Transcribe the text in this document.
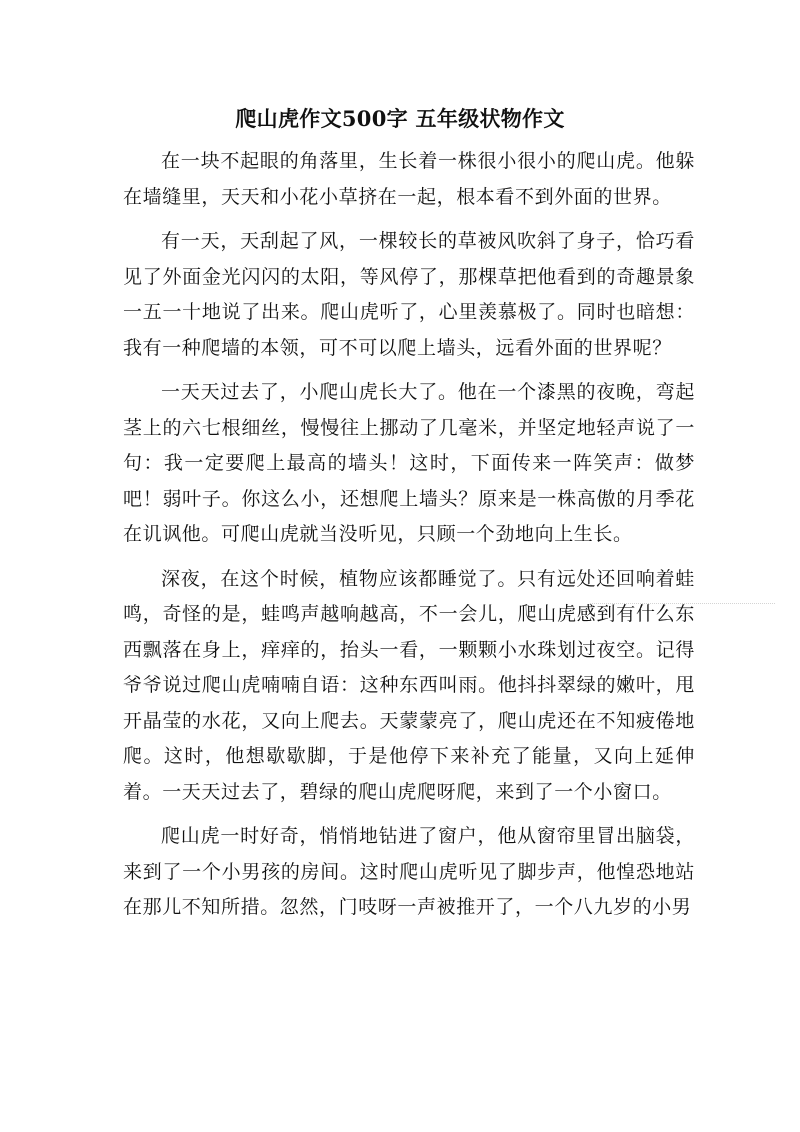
爬山虎作文500字 五年级状物作文

在一块不起眼的角落里，生长着一株很小很小的爬山虎。他躲在墙缝里，天天和小花小草挤在一起，根本看不到外面的世界。

有一天，天刮起了风，一棵较长的草被风吹斜了身子，恰巧看见了外面金光闪闪的太阳，等风停了，那棵草把他看到的奇趣景象一五一十地说了出来。爬山虎听了，心里羡慕极了。同时也暗想：我有一种爬墙的本领，可不可以爬上墙头，远看外面的世界呢？

一天天过去了，小爬山虎长大了。他在一个漆黑的夜晚，弯起茎上的六七根细丝，慢慢往上挪动了几毫米，并坚定地轻声说了一句：我一定要爬上最高的墙头！这时，下面传来一阵笑声：做梦吧！弱叶子。你这么小，还想爬上墙头？原来是一株高傲的月季花在讥讽他。可爬山虎就当没听见，只顾一个劲地向上生长。

深夜，在这个时候，植物应该都睡觉了。只有远处还回响着蛙鸣，奇怪的是，蛙鸣声越响越高，不一会儿，爬山虎感到有什么东西飘落在身上，痒痒的，抬头一看，一颗颗小水珠划过夜空。记得爷爷说过爬山虎喃喃自语：这种东西叫雨。他抖抖翠绿的嫩叶，甩开晶莹的水花，又向上爬去。天蒙蒙亮了，爬山虎还在不知疲倦地爬。这时，他想歇歇脚，于是他停下来补充了能量，又向上延伸着。一天天过去了，碧绿的爬山虎爬呀爬，来到了一个小窗口。

爬山虎一时好奇，悄悄地钻进了窗户，他从窗帘里冒出脑袋，来到了一个小男孩的房间。这时爬山虎听见了脚步声，他惶恐地站在那儿不知所措。忽然，门吱呀一声被推开了，一个八九岁的小男
